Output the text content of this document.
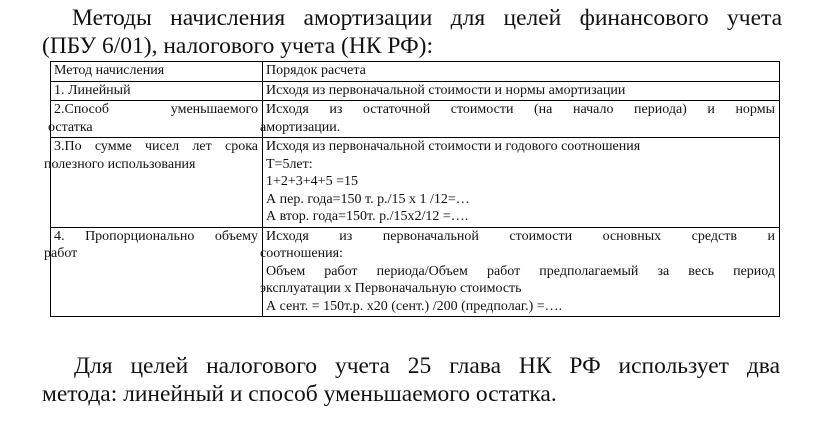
Методы начисления амортизации для целей финансового учета
(ПБУ 6/01), налогового учета (НК РФ):
Метод начисления	Порядок расчета

1. Линейный	Исходя из первоначальной стоимости и нормы амортизации

2.Способ уменьшаемого
остатка	Исходя из остаточной стоимости (на начало периода) и нормы
амортизации.

3.По сумме чисел лет срока
полезного использования	Исходя из первоначальной стоимости и годового соотношения
Т=5лет:
1+2+3+4+5 =15
А пер. года=150 т. р./15 х 1 /12=…
А втор. года=150т. р./15х2/12 =….

4. Пропорционально объему
работ	Исходя из первоначальной стоимости основных средств и
соотношения:
Объем работ периода/Объем работ предполагаемый за весь период
эксплуатации х Первоначальную стоимость
А сент. = 150т.р. х20 (сент.) /200 (предполаг.) =….
Для целей налогового учета 25 глава НК РФ использует два
метода: линейный и способ уменьшаемого остатка.
